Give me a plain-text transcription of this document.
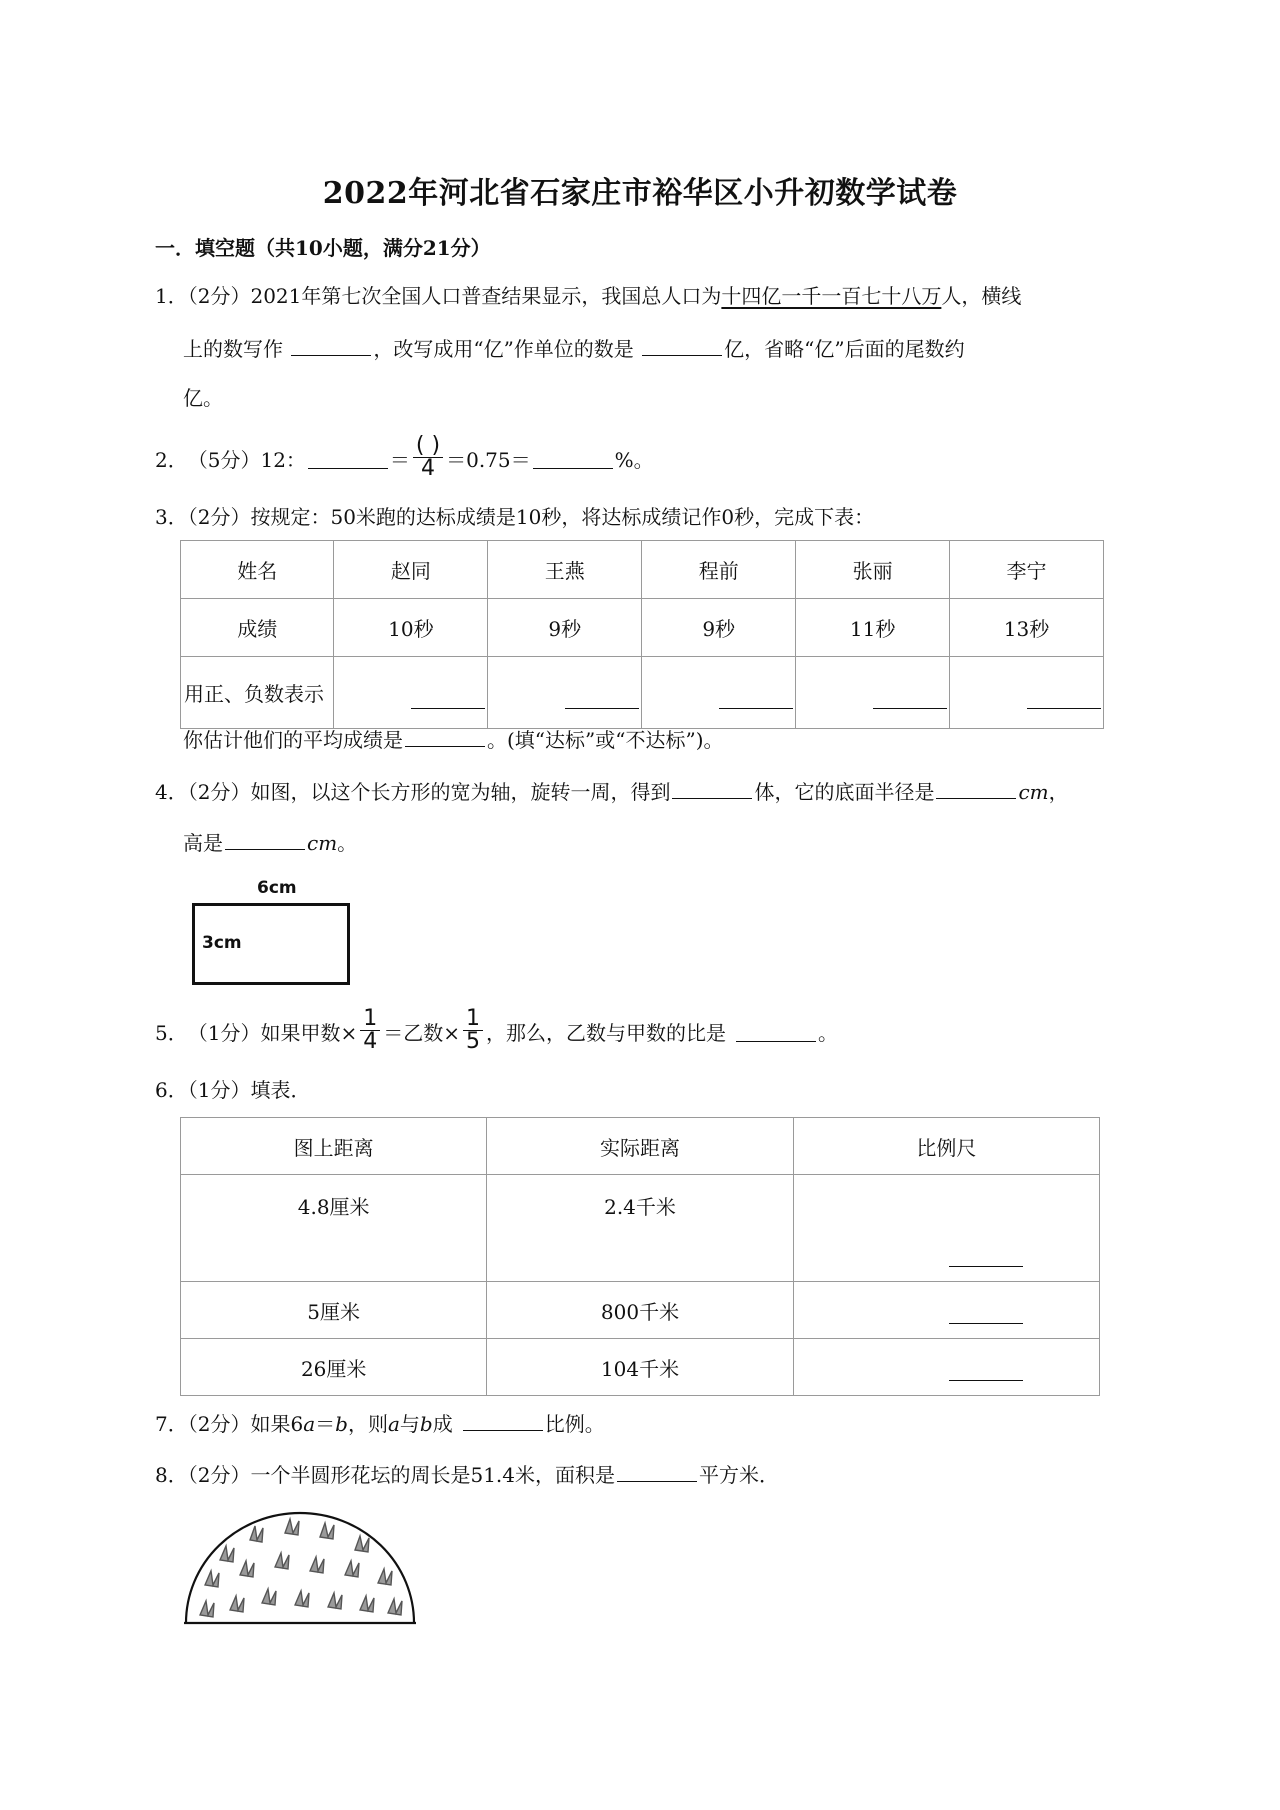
2022年河北省石家庄市裕华区小升初数学试卷
一．填空题（共10小题，满分21分）
1．（2分）2021年第七次全国人口普查结果显示，我国总人口为十四亿一千一百七十八万人，横线
上的数写作	，改写成用“亿”作单位的数是	亿，省略“亿”后面的尾数约
亿。
2． （5分） 12：	＝ $\frac{( )}{4} =0.75=$	%。
3．（2分）按规定：50米跑的达标成绩是10秒，将达标成绩记作0秒，完成下表：
姓名	赵同	王燕	程前	张丽	李宁
成绩	10秒	9秒	9秒	11秒	13秒
用正、负数表示					
你估计他们的平均成绩是	。(填“达标”或“不达标”)。
4．（2分）如图，以这个长方形的宽为轴，旋转一周，得到	体，它的底面半径是	cm，
高是	cm。
6cm
3cm
5． （1分） 如果甲数× $\frac{1}{4}$ ＝乙数× $\frac{1}{5}$ ，那么，乙数与甲数的比是	。
6．（1分）填表．
图上距离	实际距离	比例尺
4.8厘米	2.4千米	

5厘米	800千米	

26厘米	104千米	
7．（2分）如果6a＝b，则a与b成	比例。
8．（2分）一个半圆形花坛的周长是51.4米，面积是	平方米．
